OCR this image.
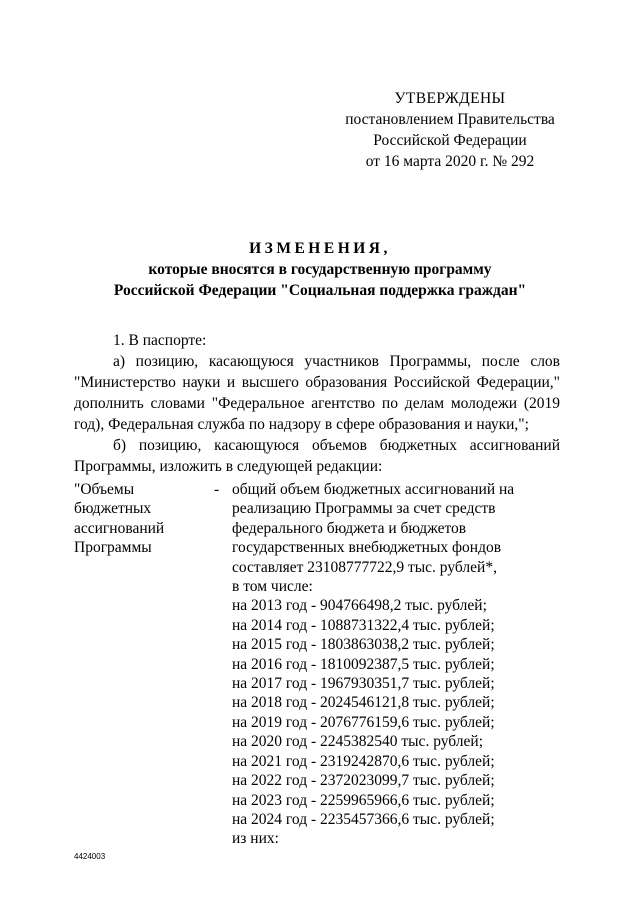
УТВЕРЖДЕНЫ
постановлением Правительства
Российской Федерации
от 16 марта 2020 г. № 292
ИЗМЕНЕНИЯ,
которые вносятся в государственную программу
Российской Федерации "Социальная поддержка граждан"

1. В паспорте:

а) позицию, касающуюся участников Программы, после слов "Министерство науки и высшего образования Российской Федерации," дополнить словами "Федеральное агентство по делам молодежи (2019 год), Федеральная служба по надзору в сфере образования и науки,";

б) позицию, касающуюся объемов бюджетных ассигнований Программы, изложить в следующей редакции:

"Объемы
бюджетных
ассигнований
Программы
- общий объем бюджетных ассигнований на
реализацию Программы за счет средств
федерального бюджета и бюджетов
государственных внебюджетных фондов
составляет 23108777722,9 тыс. рублей*,
в том числе:
на 2013 год - 904766498,2 тыс. рублей;
на 2014 год - 1088731322,4 тыс. рублей;
на 2015 год - 1803863038,2 тыс. рублей;
на 2016 год - 1810092387,5 тыс. рублей;
на 2017 год - 1967930351,7 тыс. рублей;
на 2018 год - 2024546121,8 тыс. рублей;
на 2019 год - 2076776159,6 тыс. рублей;
на 2020 год - 2245382540 тыс. рублей;
на 2021 год - 2319242870,6 тыс. рублей;
на 2022 год - 2372023099,7 тыс. рублей;
на 2023 год - 2259965966,6 тыс. рублей;
на 2024 год - 2235457366,6 тыс. рублей;
из них:
4424003
